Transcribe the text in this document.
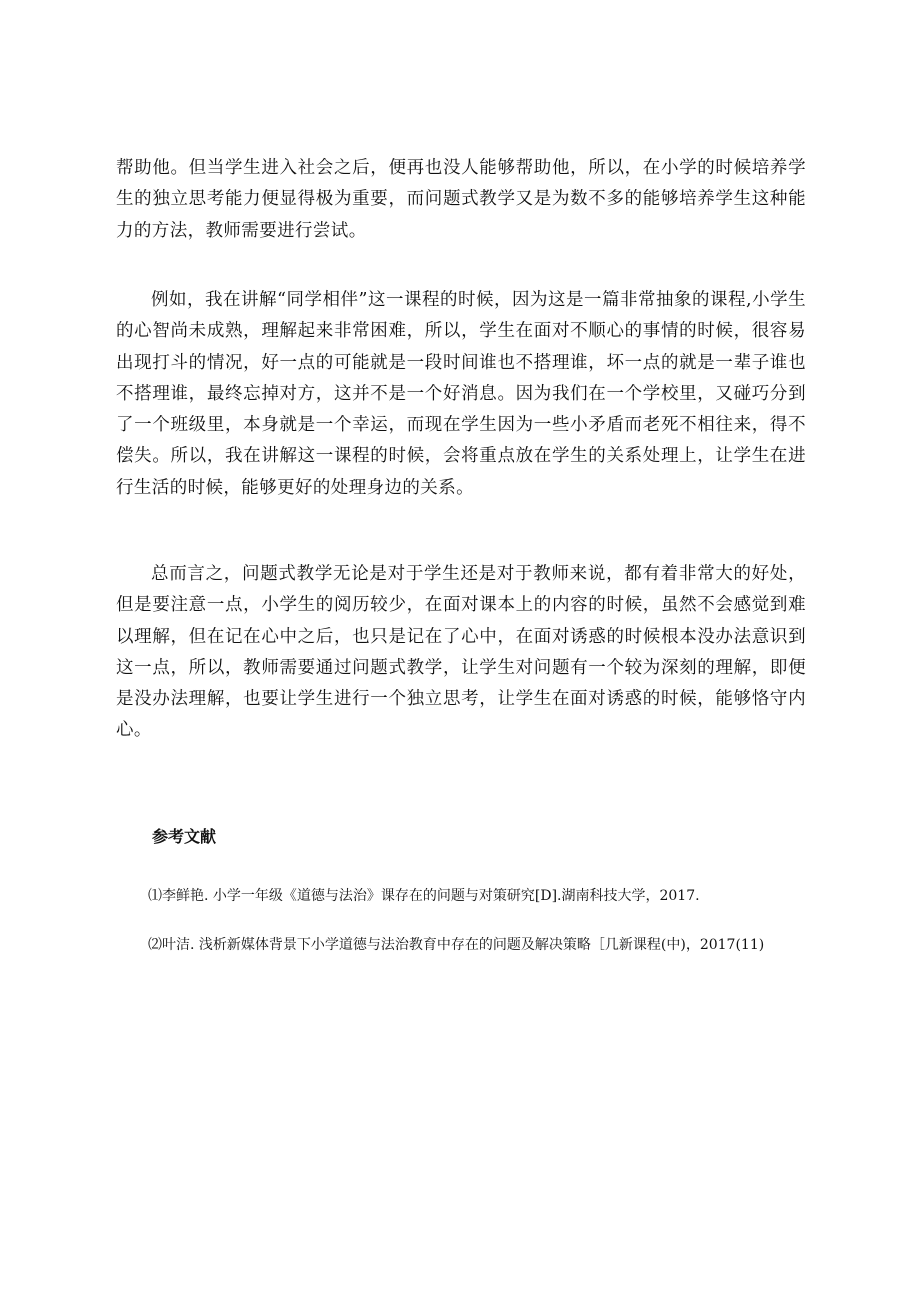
帮助他。但当学生进入社会之后，便再也没人能够帮助他，所以，在小学的时候培养学生的独立思考能力便显得极为重要，而问题式教学又是为数不多的能够培养学生这种能力的方法，教师需要进行尝试。

例如，我在讲解“同学相伴”这一课程的时候，因为这是一篇非常抽象的课程,小学生的心智尚未成熟，理解起来非常困难，所以，学生在面对不顺心的事情的时候，很容易出现打斗的情况，好一点的可能就是一段时间谁也不搭理谁，坏一点的就是一辈子谁也不搭理谁，最终忘掉对方，这并不是一个好消息。因为我们在一个学校里，又碰巧分到了一个班级里，本身就是一个幸运，而现在学生因为一些小矛盾而老死不相往来，得不偿失。所以，我在讲解这一课程的时候，会将重点放在学生的关系处理上，让学生在进行生活的时候，能够更好的处理身边的关系。

总而言之，问题式教学无论是对于学生还是对于教师来说，都有着非常大的好处，但是要注意一点，小学生的阅历较少，在面对课本上的内容的时候，虽然不会感觉到难以理解，但在记在心中之后，也只是记在了心中，在面对诱惑的时候根本没办法意识到这一点，所以，教师需要通过问题式教学，让学生对问题有一个较为深刻的理解，即便是没办法理解，也要让学生进行一个独立思考，让学生在面对诱惑的时候，能够恪守内心。

参考文献

⑴李鲜艳. 小学一年级《道德与法治》课存在的问题与对策研究[D].湖南科技大学，2017.

⑵叶洁. 浅析新媒体背景下小学道德与法治教育中存在的问题及解决策略［几新课程(中)，2017(11)
